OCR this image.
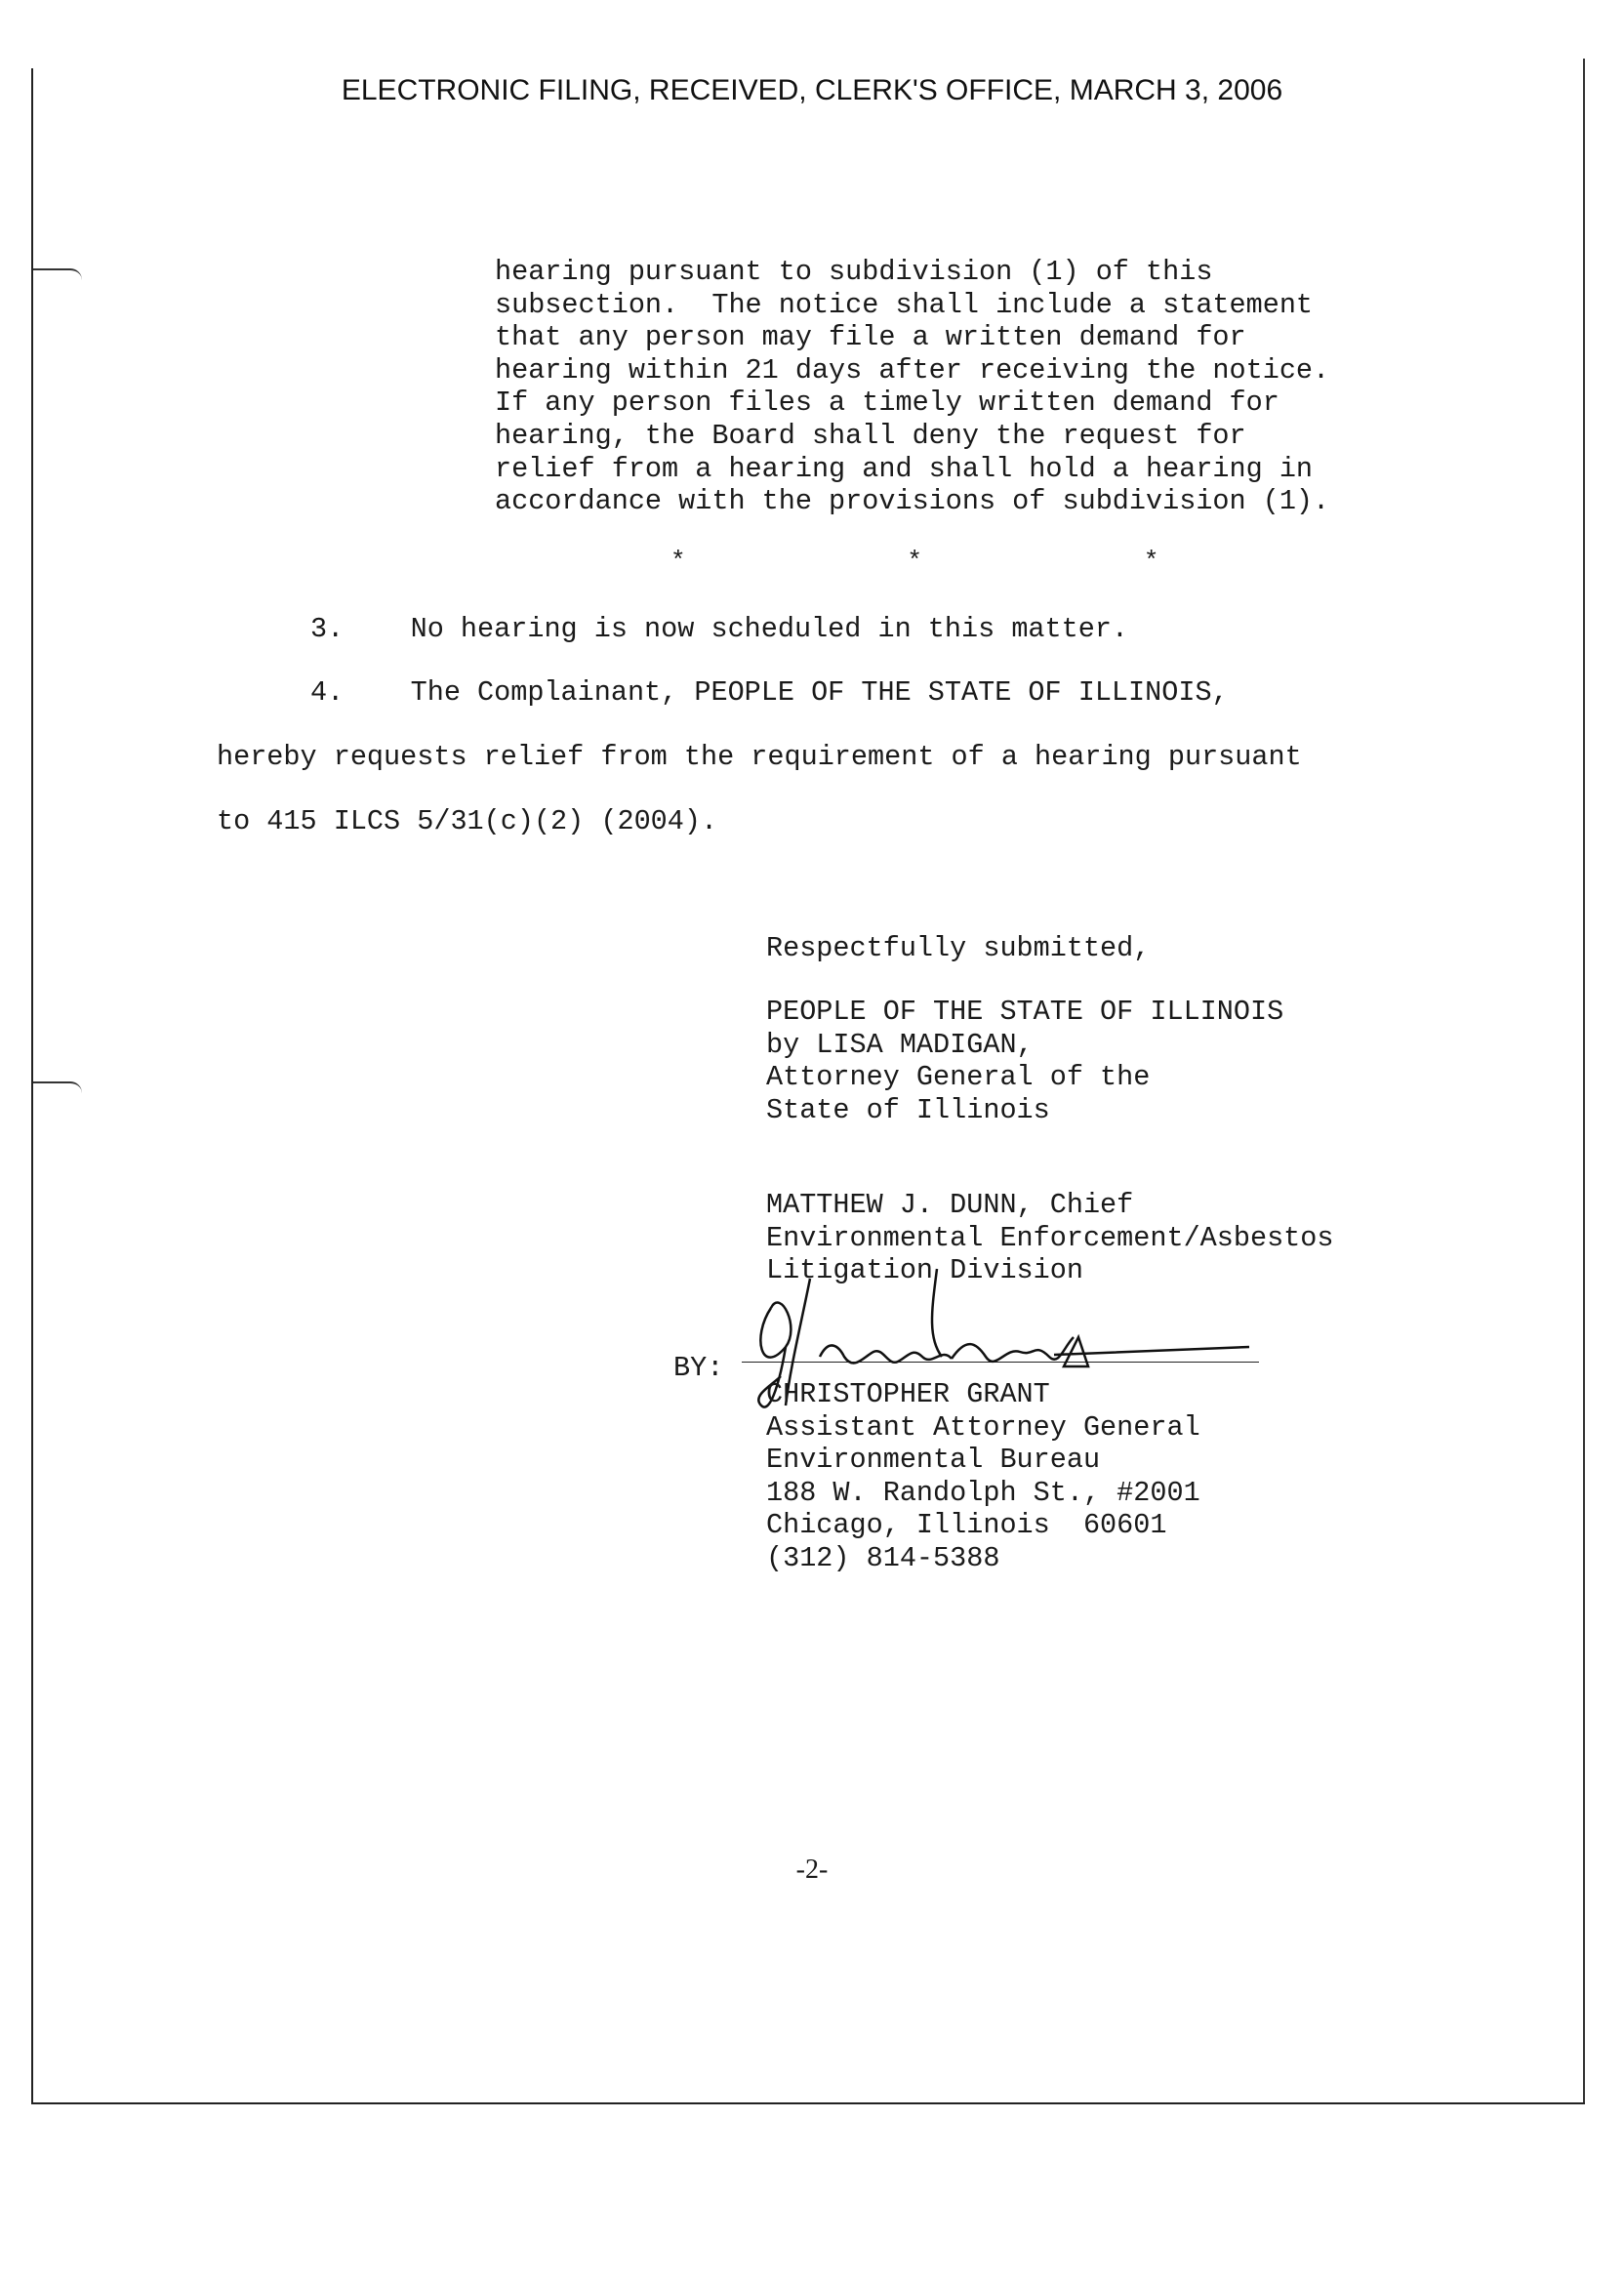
ELECTRONIC FILING, RECEIVED, CLERK'S OFFICE, MARCH 3, 2006
hearing pursuant to subdivision (1) of this
subsection.  The notice shall include a statement
that any person may file a written demand for
hearing within 21 days after receiving the notice.
If any person files a timely written demand for
hearing, the Board shall deny the request for
relief from a hearing and shall hold a hearing in
accordance with the provisions of subdivision (1).
*   *   *
3.    No hearing is now scheduled in this matter.
4.    The Complainant, PEOPLE OF THE STATE OF ILLINOIS,
hereby requests relief from the requirement of a hearing pursuant
to 415 ILCS 5/31(c)(2) (2004).
Respectfully submitted,
PEOPLE OF THE STATE OF ILLINOIS
by LISA MADIGAN,
Attorney General of the
State of Illinois
MATTHEW J. DUNN, Chief
Environmental Enforcement/Asbestos
Litigation Division
BY:
CHRISTOPHER GRANT
Assistant Attorney General
Environmental Bureau
188 W. Randolph St., #2001
Chicago, Illinois  60601
(312) 814-5388
-2-
